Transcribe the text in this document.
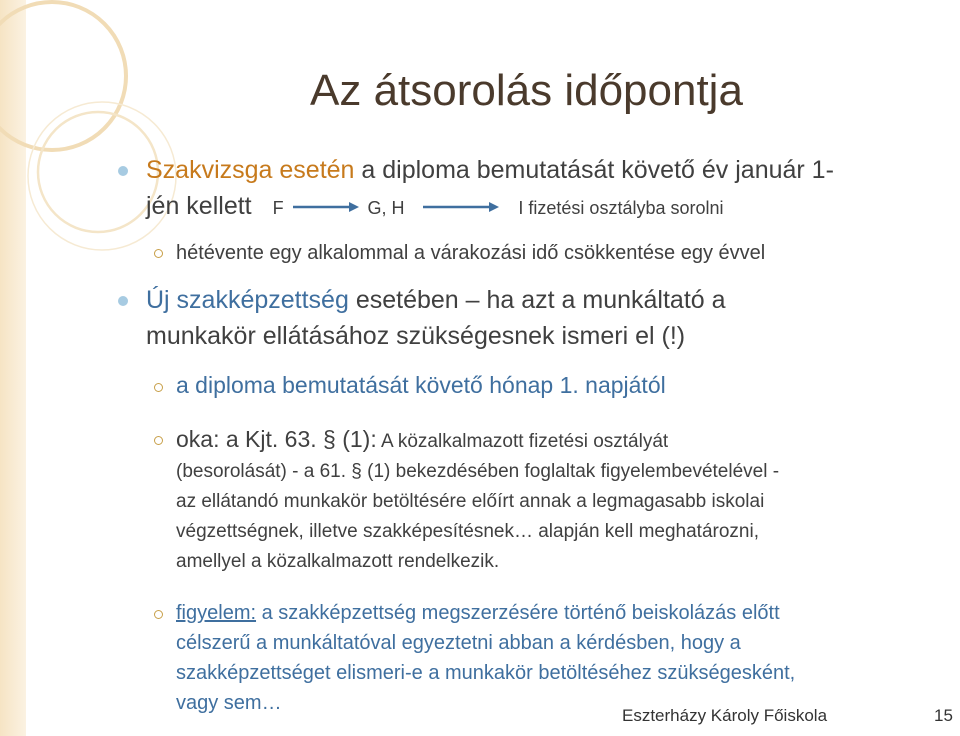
Az átsorolás időpontja
Szakvizsga esetén a diploma bemutatását követő év január 1-
jén kellett F	G, H	I fizetési osztályba sorolni
hétévente egy alkalommal a várakozási idő csökkentése egy évvel
Új szakképzettség esetében – ha azt a munkáltató a
munkakör ellátásához szükségesnek ismeri el (!)
a diploma bemutatását követő hónap 1. napjától
oka: a Kjt. 63. § (1): A közalkalmazott fizetési osztályát
(besorolását) - a 61. § (1) bekezdésében foglaltak figyelembevételével -
az ellátandó munkakör betöltésére előírt annak a legmagasabb iskolai
végzettségnek, illetve szakképesítésnek… alapján kell meghatározni,
amellyel a közalkalmazott rendelkezik.
figyelem: a szakképzettség megszerzésére történő beiskolázás előtt
célszerű a munkáltatóval egyeztetni abban a kérdésben, hogy a
szakképzettséget elismeri-e a munkakör betöltéséhez szükségesként,
vagy sem…
Eszterházy Károly Főiskola	15
